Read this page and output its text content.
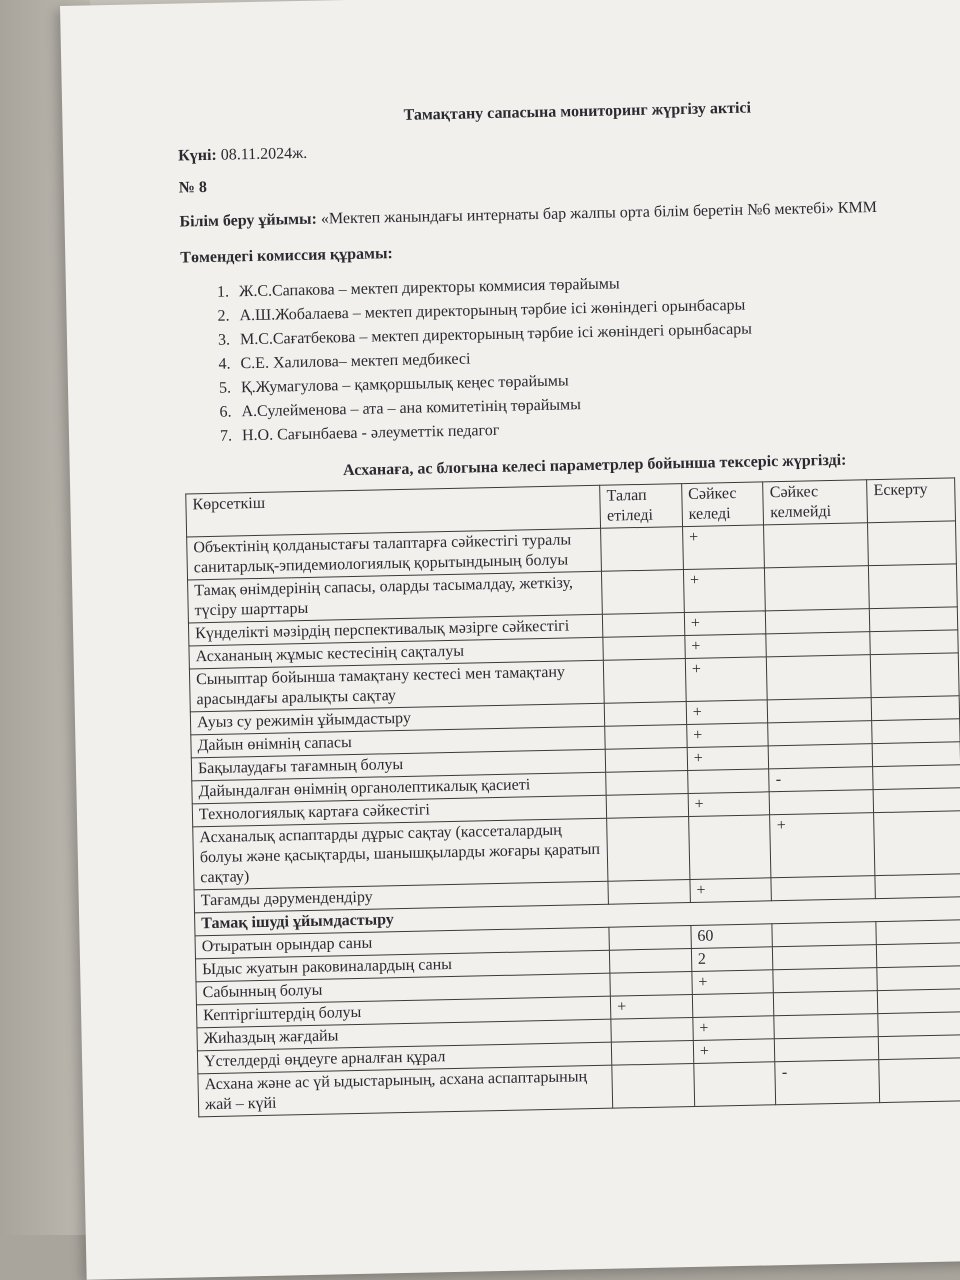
Тамақтану сапасына мониторинг жүргізу актісі
Күні: 08.11.2024ж.
№ 8
Білім беру ұйымы: «Мектеп жанындағы интернаты бар жалпы орта білім беретін №6 мектебі» КММ
Төмендегі комиссия құрамы:
1. Ж.С.Сапакова – мектеп директоры коммисия төрайымы
2. А.Ш.Жобалаева – мектеп директорының тәрбие ісі жөніндегі орынбасары
3. М.С.Сағатбекова – мектеп директорының тәрбие ісі жөніндегі орынбасары
4. С.Е. Халилова– мектеп медбикесі
5. Қ.Жумагулова – қамқоршылық кеңес төрайымы
6. А.Сулейменова – ата – ана комитетінің төрайымы
7. Н.О. Сағынбаева - әлеуметтік педагог
Асханаға, ас блогына келесі параметрлер бойынша тексеріс жүргізді:
Көрсеткіш	Талап етіледі	Сәйкес келеді	Сәйкес келмейді	Ескерту
Объектінің қолданыстағы талаптарға сәйкестігі туралы санитарлық-эпидемиологиялық қорытындының болуы		+		
Тамақ өнімдерінің сапасы, оларды тасымалдау, жеткізу, түсіру шарттары		+		
Күнделікті мәзірдің перспективалық мәзірге сәйкестігі		+		
Асхананың жұмыс кестесінің сақталуы		+		
Сыныптар бойынша тамақтану кестесі мен тамақтану арасындағы аралықты сақтау		+		
Ауыз су режимін ұйымдастыру		+		
Дайын өнімнің сапасы		+		
Бақылаудағы тағамның болуы		+		
Дайындалған өнімнің органолептикалық қасиеті			-	
Технологиялық картаға сәйкестігі		+		
Асханалық аспаптарды дұрыс сақтау (кассеталардың болуы және қасықтарды, шанышқыларды жоғары қаратып сақтау)			+	
Тағамды дәрумендендіру		+		
Тамақ ішуді ұйымдастыру				
Отыратын орындар саны		60		
Ыдыс жуатын раковиналардың саны		2		
Сабынның болуы		+		
Кептіргіштердің болуы	+			
Жиһаздың жағдайы		+		
Үстелдерді өңдеуге арналған құрал		+		
Асхана және ас үй ыдыстарының, асхана аспаптарының жай – күйі			-	
